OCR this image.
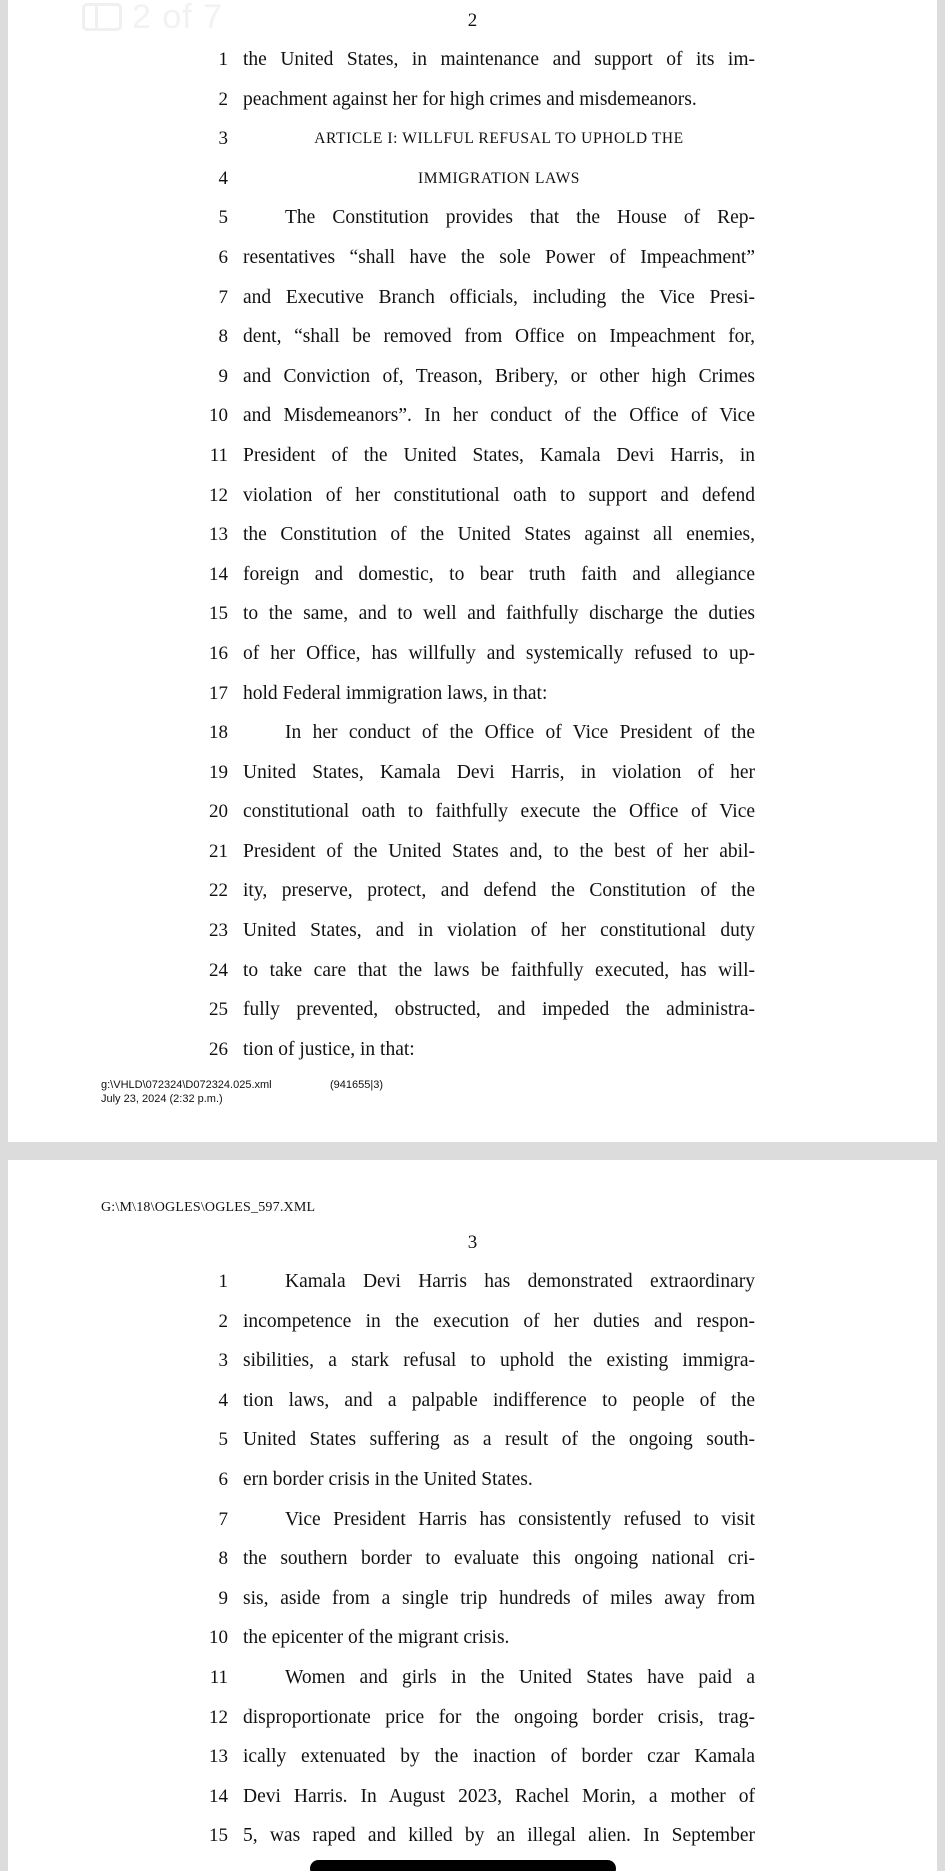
2 of 7	2
1 the United States, in maintenance and support of its im-
2 peachment against her for high crimes and misdemeanors.
3	ARTICLE I: WILLFUL REFUSAL TO UPHOLD THE
4	IMMIGRATION LAWS
5	The Constitution provides that the House of Rep-
6 resentatives “shall have the sole Power of Impeachment”
7 and Executive Branch officials, including the Vice Presi-
8 dent, “shall be removed from Office on Impeachment for,
9 and Conviction of, Treason, Bribery, or other high Crimes
10 and Misdemeanors”. In her conduct of the Office of Vice
11 President of the United States, Kamala Devi Harris, in
12 violation of her constitutional oath to support and defend
13 the Constitution of the United States against all enemies,
14 foreign and domestic, to bear truth faith and allegiance
15 to the same, and to well and faithfully discharge the duties
16 of her Office, has willfully and systemically refused to up-
17 hold Federal immigration laws, in that:
18	In her conduct of the Office of Vice President of the
19 United States, Kamala Devi Harris, in violation of her
20 constitutional oath to faithfully execute the Office of Vice
21 President of the United States and, to the best of her abil-
22 ity, preserve, protect, and defend the Constitution of the
23 United States, and in violation of her constitutional duty
24 to take care that the laws be faithfully executed, has will-
25 fully prevented, obstructed, and impeded the administra-
26 tion of justice, in that:
g:\VHLD\072324\D072324.025.xml
July 23, 2024 (2:32 p.m.)
(941655|3)
G:\M\18\OGLES\OGLES_597.XML
3
1	Kamala Devi Harris has demonstrated extraordinary
2 incompetence in the execution of her duties and respon-
3 sibilities, a stark refusal to uphold the existing immigra-
4 tion laws, and a palpable indifference to people of the
5 United States suffering as a result of the ongoing south-
6 ern border crisis in the United States.
7	Vice President Harris has consistently refused to visit
8 the southern border to evaluate this ongoing national cri-
9 sis, aside from a single trip hundreds of miles away from
10 the epicenter of the migrant crisis.
11	Women and girls in the United States have paid a
12 disproportionate price for the ongoing border crisis, trag-
13 ically extenuated by the inaction of border czar Kamala
14 Devi Harris. In August 2023, Rachel Morin, a mother of
15 5, was raped and killed by an illegal alien. In September
